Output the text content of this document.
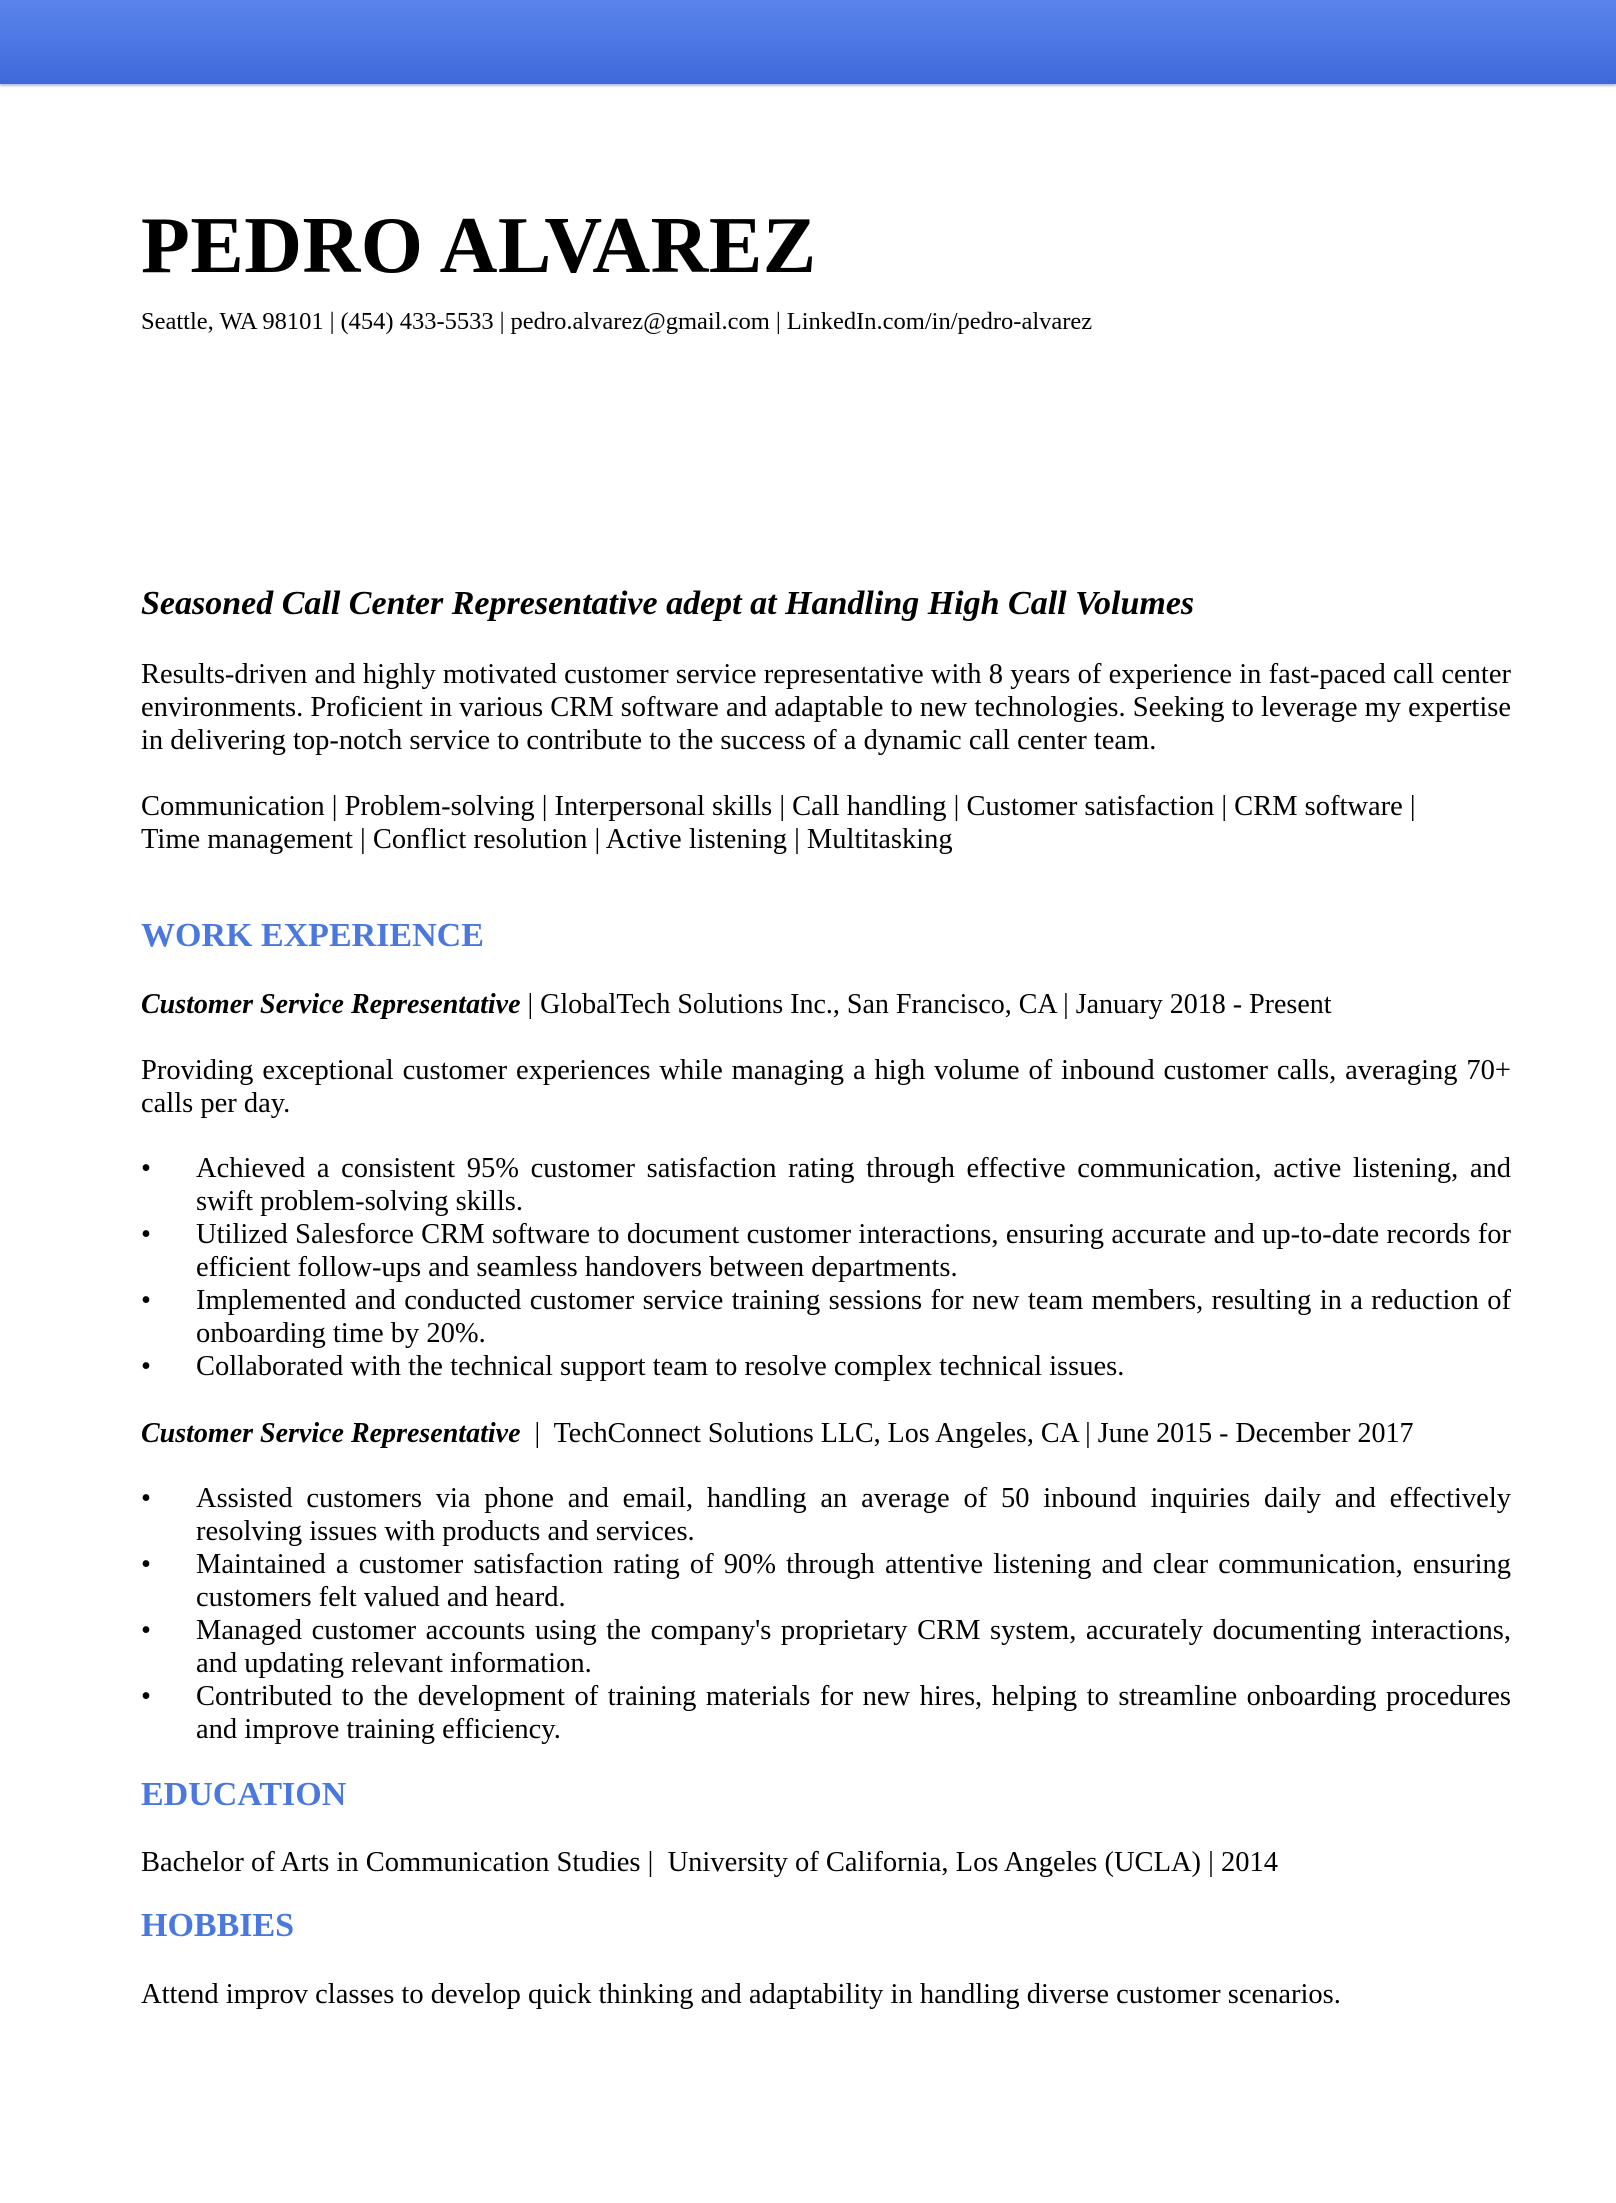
PEDRO ALVAREZ
Seattle, WA 98101 | (454) 433-5533 | pedro.alvarez@gmail.com | LinkedIn.com/in/pedro-alvarez
Seasoned Call Center Representative adept at Handling High Call Volumes
Results-driven and highly motivated customer service representative with 8 years of experience in fast-paced call center environments. Proficient in various CRM software and adaptable to new technologies. Seeking to leverage my expertise in delivering top-notch service to contribute to the success of a dynamic call center team.
Communication | Problem-solving | Interpersonal skills | Call handling | Customer satisfaction | CRM software |
Time management | Conflict resolution | Active listening | Multitasking
WORK EXPERIENCE
Customer Service Representative | GlobalTech Solutions Inc., San Francisco, CA | January 2018 - Present
Providing exceptional customer experiences while managing a high volume of inbound customer calls, averaging 70+ calls per day.
• Achieved a consistent 95% customer satisfaction rating through effective communication, active listening, and swift problem-solving skills.
• Utilized Salesforce CRM software to document customer interactions, ensuring accurate and up-to-date records for efficient follow-ups and seamless handovers between departments.
• Implemented and conducted customer service training sessions for new team members, resulting in a reduction of onboarding time by 20%.
• Collaborated with the technical support team to resolve complex technical issues.
Customer Service Representative  |  TechConnect Solutions LLC, Los Angeles, CA | June 2015 - December 2017
• Assisted customers via phone and email, handling an average of 50 inbound inquiries daily and effectively resolving issues with products and services.
• Maintained a customer satisfaction rating of 90% through attentive listening and clear communication, ensuring customers felt valued and heard.
• Managed customer accounts using the company's proprietary CRM system, accurately documenting interactions, and updating relevant information.
• Contributed to the development of training materials for new hires, helping to streamline onboarding procedures and improve training efficiency.
EDUCATION
Bachelor of Arts in Communication Studies |  University of California, Los Angeles (UCLA) | 2014
HOBBIES
Attend improv classes to develop quick thinking and adaptability in handling diverse customer scenarios.
